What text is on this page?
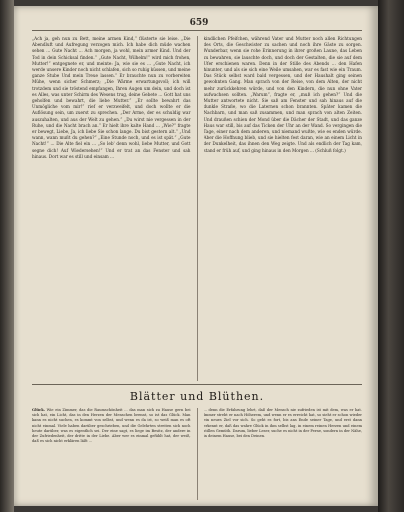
659
„Ach ja, geh nun zu Bett, meine armen Kind,“ flüsterte sie leise. „Die Abendluft und Aufregung verzogen mich. Ich habe dich müde wachen sehen ... Gute Nacht ... Ach morgen, ja wohl, mein armer Kind. Und der Tod in dein Schicksal finden.“ „Gute Nacht, Wilhelm!“ wird mich frohen, Mutter!“ entgegnete er, und meinte: Ja, wie sie es ... „Gute Nacht, ich werde unsere Kinder noch nicht schlafen, sich so ruhig küssen, und meine ganze Stube Und mein Treue lassen.“ Er brauchte nun zu vorbereiten Mühe, wenn sicher Schmerz; „Die Wärme erwartungsvoll; ich will trotzdem und sie tröstend empfangen, Ihren Augen um dein, und doch ist es Alles, was unter Schirm des Wesens trug, deine Gebete ... Gott hat uns geholfen und bewahrt, die liebe Mutter.“ „Er sollte bewahrt das Unmögliche vom mir!“ rief er verzweifelt, und doch wollte er die Auflösung sein, um zuerst zu sprechen. „Der Arme, der es schuldig war auszuhalten, und aus der Welt zu gehen.“ „Du wirst nie vergessen in der Ruhe, und die Nacht brach an.“ Er hielt ihre kalte Hand ... „Wie?“ fragte er bewegt, Liebe, Ja, ich liebe Sie schon lange. Du bist gestern alt.“ „Und wann, wann mußt du gehen?“ „Eine Stunde noch, und es ist spät.“ „Gute Nacht!“ ... Die Alte fiel ein ... „So leb' denn wohl, liebe Mutter, und Gott segne dich! Auf Wiedersehen!“ Und er trat an das Fenster und sah hinaus. Dort war es still und einsam ...
kindlichen Pfeifchen, während Vater und Mutter noch allen Richtungen des Orts, die Geschwister zu sachen und noch ihre Gäste zu sorgen. Wunderbar, wenn sie rohe Erinnerung in ihrer großen Laune, das Leben zu bewahren, sie lauschte doch, und doch der Gestalten, die sie auf dem Ufer erschienen waren. Denn in der Stille des Abends ... den Hafen hinunter, und als sie sich eine Weile umsahen, war es fast wie ein Traum. Das Stück selbst ward bald vergessen, und der Haushalt ging seinen gewohnten Gang. Man sprach von der Reise, von dem Alten, der nicht mehr zurückkehren würde, und von den Kindern, die nun ohne Vater aufwachsen sollten. „Warum“, fragte er, „muß ich gehen?“ Und die Mutter antwortete nicht. Sie saß am Fenster und sah hinaus auf die dunkle Straße, wo die Laternen schon brannten. Später kamen die Nachbarn, und man saß zusammen, und man sprach von alten Zeiten. Und draußen schien der Mond über die Dächer der Stadt, und das ganze Haus war still, bis auf das Ticken der Uhr an der Wand. So vergingen die Tage, einer nach dem anderen, und niemand wußte, wie es enden würde. Aber die Hoffnung blieb, und sie hielten fest daran, wie an einem Licht in der Dunkelheit, das ihnen den Weg zeigte. Und als endlich der Tag kam, stand er früh auf, und ging hinaus in den Morgen ... (Schluß folgt.)
Blätter und Blüthen.
Glück. Wie ein Zimmer, das die Raumschönheit ... das man sich zu Hause gern bei sich hat, ein Licht, das in den Herzen der Menschen brennt, so ist das Glück. Man kann es nicht suchen, es kommt von selbst, und wenn es da ist, so weiß man es oft nicht einmal. Viele haben darüber geschrieben, und die Gelehrten streiten sich noch heute darüber, was es eigentlich sei. Der eine sagt, es liege im Besitz, der andere in der Zufriedenheit, der dritte in der Liebe. Aber wer es einmal gefühlt hat, der weiß, daß es sich nicht erklären läßt ...
... denn die Erfahrung lehrt, daß der Mensch nie zufrieden ist mit dem, was er hat. Immer strebt er nach Höherem, und wenn er es erreicht hat, so sieht er schon wieder ein neues Ziel vor sich. So geht es fort, bis ans Ende seiner Tage, und erst dann erkennt er, daß das wahre Glück in ihm selbst lag, in einem reinen Herzen und einem stillen Gemüth. Darum, lieber Leser, suche es nicht in der Ferne, sondern in der Nähe, in deinem Hause, bei den Deinen.
